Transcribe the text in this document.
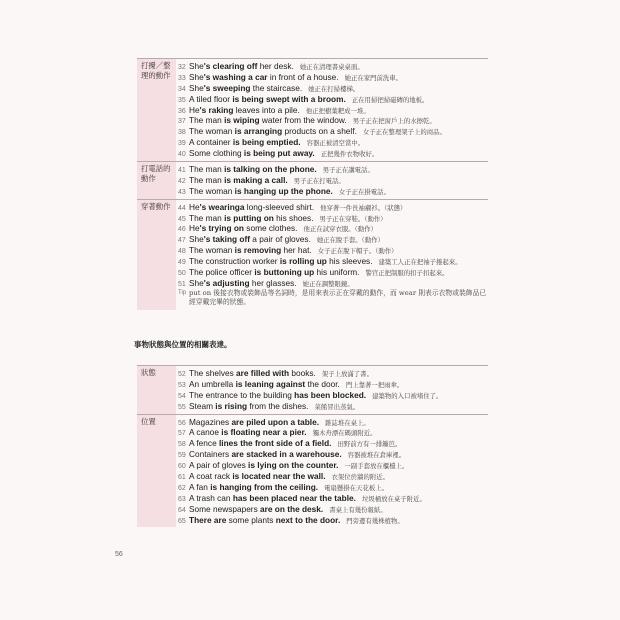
打擾／整理的動作
32 She's clearing off her desk. 她正在清理書桌桌面。
33 She's washing a car in front of a house. 她正在家門前洗車。
34 She's sweeping the staircase. 她正在打掃樓梯。
35 A tiled floor is being swept with a broom. 正在用掃把掃磁磚的地板。
36 He's raking leaves into a pile. 他正把樹葉耙成一堆。
37 The man is wiping water from the window. 男子正在把窗戶上的水擦乾。
38 The woman is arranging products on a shelf. 女子正在整理架子上的商品。
39 A container is being emptied. 容器正被清空當中。
40 Some clothing is being put away. 正把幾件衣物收好。
打電話的動作
41 The man is talking on the phone. 男子正在講電話。
42 The man is making a call. 男子正在打電話。
43 The woman is hanging up the phone. 女子正在掛電話。
穿著動作	44 He's wearinga long-sleeved shirt. 他穿著一件長袖襯衫。（狀態）
45 The man is putting on his shoes. 男子正在穿鞋。（動作）
46 He's trying on some clothes. 他正在試穿衣服。（動作）
47 She's taking off a pair of gloves. 她正在脫手套。（動作）
48 The woman is removing her hat. 女子正在脫下帽子。（動作）
49 The construction worker is rolling up his sleeves. 建築工人正在把袖子捲起來。
50 The police officer is buttoning up his uniform. 警官正把制服的扣子扣起來。
51 She's adjusting her glasses. 她正在調整眼鏡。
Tip put on 後接衣物或裝飾品等名詞時，是用來表示正在穿戴的動作，而 wear 則表示衣物或裝飾品已經穿戴完畢的狀態。
事物狀態與位置的相關表達。
狀態	52 The shelves are filled with books. 架子上放滿了書。
53 An umbrella is leaning against the door. 門上靠著一把雨傘。
54 The entrance to the building has been blocked. 建築物的入口被堵住了。
55 Steam is rising from the dishes. 菜餚冒出蒸氣。
位置	56 Magazines are piled upon a table. 雜誌堆在桌上。
57 A canoe is floating near a pier. 獨木舟漂在碼頭附近。
58 A fence lines the front side of a field. 田野前方有一排籬笆。
59 Containers are stacked in a warehouse. 容器被堆在倉庫裡。
60 A pair of gloves is lying on the counter. 一副手套放在櫃檯上。
61 A coat rack is located near the wall. 衣架位於牆的附近。
62 A fan is hanging from the ceiling. 電扇懸掛在天花板上。
63 A trash can has been placed near the table. 垃圾桶放在桌子附近。
64 Some newspapers are on the desk. 書桌上有幾份報紙。
65 There are some plants next to the door. 門旁邊有幾株植物。
56
